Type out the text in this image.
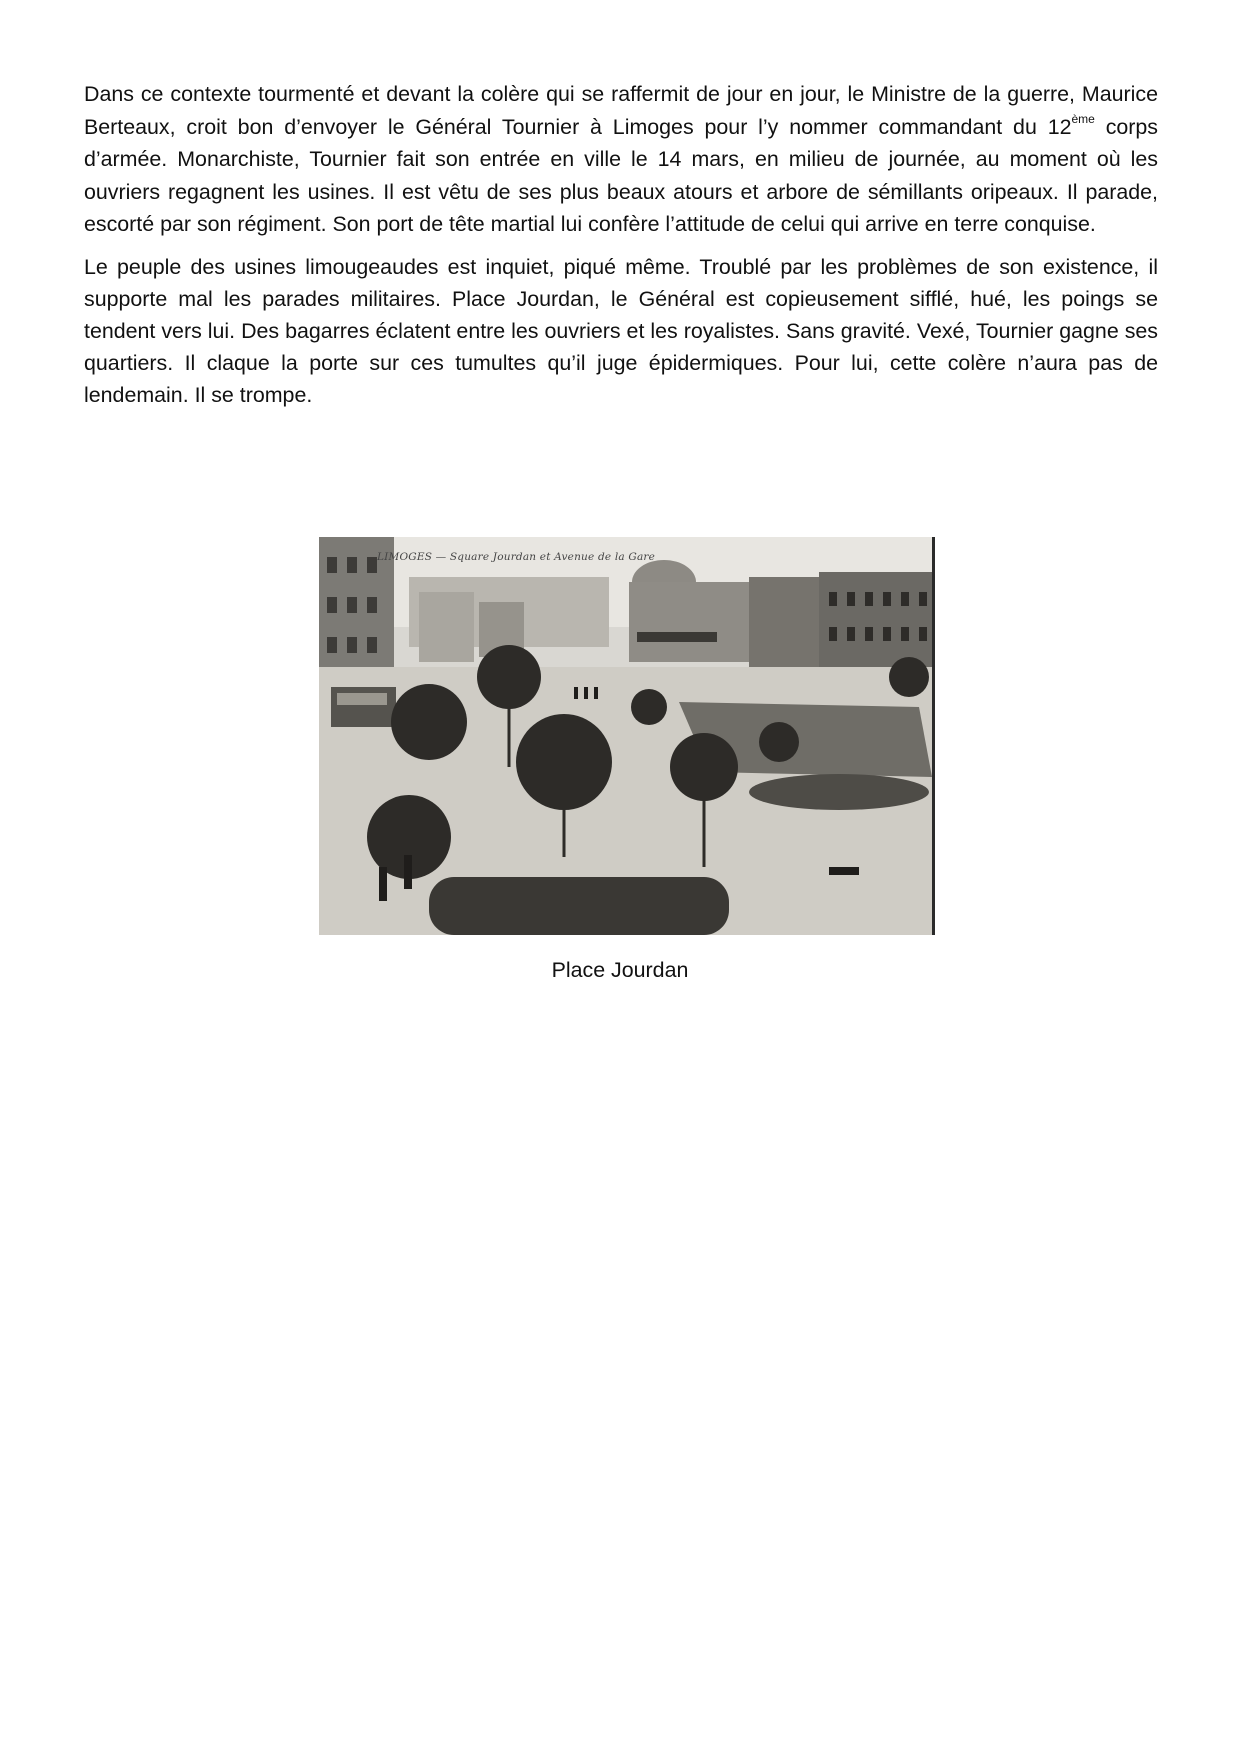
Dans ce contexte tourmenté et devant la colère qui se raffermit de jour en jour, le Ministre de la guerre, Maurice Berteaux, croit bon d’envoyer le Général Tournier à Limoges pour l’y nommer commandant du 12ème corps d’armée. Monarchiste, Tournier fait son entrée en ville le 14 mars, en milieu de journée, au moment où les ouvriers regagnent les usines. Il est vêtu de ses plus beaux atours et arbore de sémillants oripeaux. Il parade, escorté par son régiment. Son port de tête martial lui confère l’attitude de celui qui arrive en terre conquise.

Le peuple des usines limougeaudes est inquiet, piqué même. Troublé par les problèmes de son existence, il supporte mal les parades militaires. Place Jourdan, le Général est copieusement sifflé, hué, les poings se tendent vers lui. Des bagarres éclatent entre les ouvriers et les royalistes. Sans gravité. Vexé, Tournier gagne ses quartiers. Il claque la porte sur ces tumultes qu’il juge épidermiques. Pour lui, cette colère n’aura pas de lendemain. Il se trompe.

LIMOGES — Square Jourdan et Avenue de la Gare
Place Jourdan
